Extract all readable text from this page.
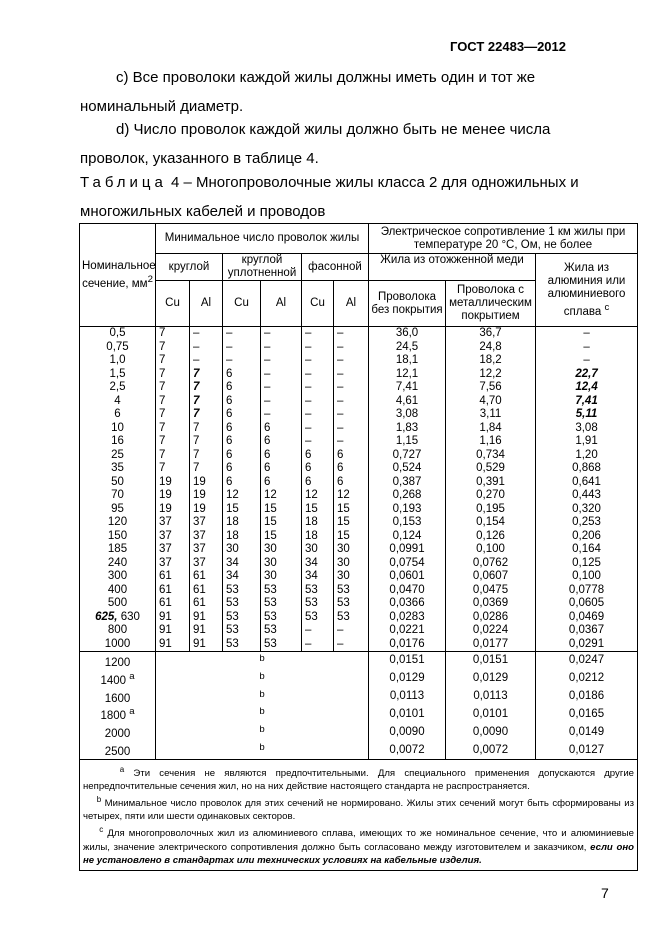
ГОСТ 22483—2012
c) Все проволоки каждой жилы должны иметь один и тот же номинальный диаметр.
d) Число проволок каждой жилы должно быть не менее числа проволок, указанного в таблице 4.
Таблица 4 – Многопроволочные жилы класса 2 для одножильных и многожильных кабелей и проводов
Номинальное сечение, $мм^2$	Минимальное число проволок жилы						Электрическое сопротивление 1 км жилы при температуре 20 °С, Ом, не более		
	круглой		круглой уплотненной		фасонной		Жила из отожженной меди		Жила из алюминия или алюминиевого сплава $^c$
	Cu	Al	Cu	Al	Cu	Al	Проволока без покрытия	Проволока с металлическим покрытием	
0,5	7	–	–	–	–	–	36,0	36,7	–
0,75	7	–	–	–	–	–	24,5	24,8	–
1,0	7	–	–	–	–	–	18,1	18,2	–
1,5	7	7	6	–	–	–	12,1	12,2	22,7
2,5	7	7	6	–	–	–	7,41	7,56	12,4
4	7	7	6	–	–	–	4,61	4,70	7,41
6	7	7	6	–	–	–	3,08	3,11	5,11
10	7	7	6	6	–	–	1,83	1,84	3,08
16	7	7	6	6	–	–	1,15	1,16	1,91
25	7	7	6	6	6	6	0,727	0,734	1,20
35	7	7	6	6	6	6	0,524	0,529	0,868
50	19	19	6	6	6	6	0,387	0,391	0,641
70	19	19	12	12	12	12	0,268	0,270	0,443
95	19	19	15	15	15	15	0,193	0,195	0,320
120	37	37	18	15	18	15	0,153	0,154	0,253
150	37	37	18	15	18	15	0,124	0,126	0,206
185	37	37	30	30	30	30	0,0991	0,100	0,164
240	37	37	34	30	34	30	0,0754	0,0762	0,125
300	61	61	34	30	34	30	0,0601	0,0607	0,100
400	61	61	53	53	53	53	0,0470	0,0475	0,0778
500	61	61	53	53	53	53	0,0366	0,0369	0,0605
625, 630	91	91	53	53	53	53	0,0283	0,0286	0,0469
800	91	91	53	53	–	–	0,0221	0,0224	0,0367
1000	91	91	53	53	–	–	0,0176	0,0177	0,0291
1200	$^b$						0,0151	0,0151	0,0247
1400 $^a$	$^b$						0,0129	0,0129	0,0212
1600	$^b$						0,0113	0,0113	0,0186
1800 $^a$	$^b$						0,0101	0,0101	0,0165
2000	$^b$						0,0090	0,0090	0,0149
2500	$^b$						0,0072	0,0072	0,0127

$^a$ Эти сечения не являются предпочтительными. Для специального применения допускаются другие непредпочтительные сечения жил, но на них действие настоящего стандарта не распространяется.
$^b$ Минимальное число проволок для этих сечений не нормировано. Жилы этих сечений могут быть сформированы из четырех, пяти или шести одинаковых секторов.
$^c$ Для многопроволочных жил из алюминиевого сплава, имеющих то же номинальное сечение, что и алюминиевые жилы, значение электрического сопротивления должно быть согласовано между изготовителем и заказчиком, если оно не установлено в стандартах или технических условиях на кабельные изделия.									
7
